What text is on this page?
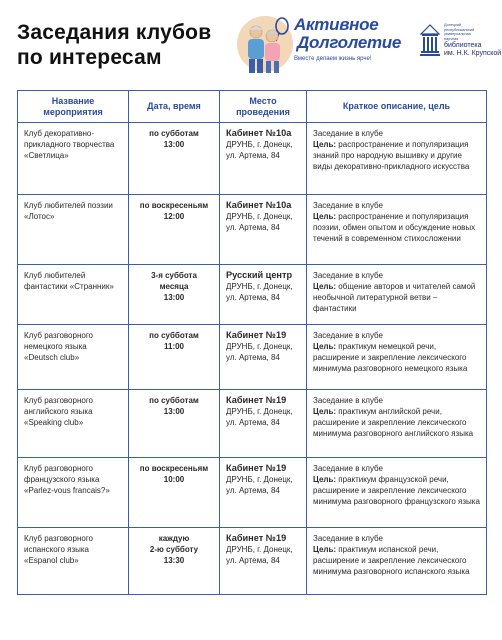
Заседания клубов
по интересам
Активное
Долголетие
Вместе делаем жизнь ярче!
Донецкий
республиканский
универсальная
научная
библиотека
им. Н.К. Крупской
Название мероприятия	Дата, время	Место проведения	Краткое описание, цель
Клуб декоративно-прикладного творчества «Светлица»	по субботам
13:00	Кабинет №10а
ДРУНБ, г. Донецк,
ул. Артема, 84	Заседание в клубе
Цель: распространение и популяризация знаний про народную вышивку и другие виды декоративно-прикладного искусства
Клуб любителей поэзии «Лотос»	по воскресеньям
12:00	Кабинет №10а
ДРУНБ, г. Донецк,
ул. Артема, 84	Заседание в клубе
Цель: распространение и популяризация поэзии, обмен опытом и обсуждение новых течений в современном стихосложении
Клуб любителей фантастики «Странник»	3-я суббота
месяца
13:00	Русский центр
ДРУНБ, г. Донецк,
ул. Артема, 84	Заседание в клубе
Цель: общение авторов и читателей самой необычной литературной ветви – фантастики
Клуб разговорного немецкого языка «Deutsch club»	по субботам
11:00	Кабинет №19
ДРУНБ, г. Донецк,
ул. Артема, 84	Заседание в клубе
Цель: практикум немецкой речи, расширение и закрепление лексического минимума разговорного немецкого языка
Клуб разговорного английского языка «Speaking club»	по субботам
13:00	Кабинет №19
ДРУНБ, г. Донецк,
ул. Артема, 84	Заседание в клубе
Цель: практикум английской речи, расширение и закрепление лексического минимума разговорного английского языка
Клуб разговорного французского языка «Parlez-vous francais?»	по воскресеньям
10:00	Кабинет №19
ДРУНБ, г. Донецк,
ул. Артема, 84	Заседание в клубе
Цель: практикум французской речи, расширение и закрепление лексического минимума разговорного французского языка
Клуб разговорного испанского языка «Espanol club»	каждую
2-ю субботу
13:30	Кабинет №19
ДРУНБ, г. Донецк,
ул. Артема, 84	Заседание в клубе
Цель: практикум испанской речи, расширение и закрепление лексического минимума разговорного испанского языка
